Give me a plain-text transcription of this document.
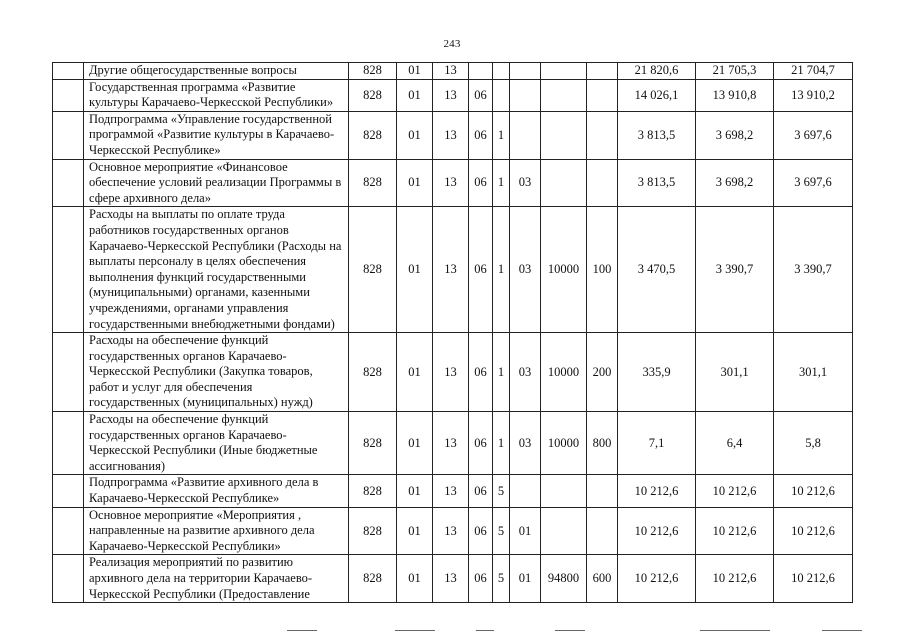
243
	Другие общегосударственные вопросы	828	01	13						21 820,6	21 705,3	21 704,7
	Государственная программа «Развитие культуры Карачаево-Черкесской Республики»	828	01	13	06					14 026,1	13 910,8	13 910,2
	Подпрограмма «Управление государственной программой «Развитие культуры в Карачаево-Черкесской Республике»	828	01	13	06	1				3 813,5	3 698,2	3 697,6
	Основное мероприятие «Финансовое обеспечение условий реализации Программы в сфере архивного дела»	828	01	13	06	1	03			3 813,5	3 698,2	3 697,6
	Расходы на выплаты по оплате труда работников государственных органов Карачаево-Черкесской Республики (Расходы на выплаты персоналу в целях обеспечения выполнения функций государственными (муниципальными) органами, казенными учреждениями, органами управления государственными внебюджетными фондами)	828	01	13	06	1	03	10000	100	3 470,5	3 390,7	3 390,7
	Расходы на обеспечение функций государственных органов Карачаево-Черкесской Республики (Закупка товаров, работ и услуг для обеспечения государственных (муниципальных) нужд)	828	01	13	06	1	03	10000	200	335,9	301,1	301,1
	Расходы на обеспечение функций государственных органов Карачаево-Черкесской Республики (Иные бюджетные ассигнования)	828	01	13	06	1	03	10000	800	7,1	6,4	5,8
	Подпрограмма «Развитие архивного дела в Карачаево-Черкесской Республике»	828	01	13	06	5				10 212,6	10 212,6	10 212,6
	Основное мероприятие «Мероприятия , направленные на развитие архивного дела Карачаево-Черкесской Республики»	828	01	13	06	5	01			10 212,6	10 212,6	10 212,6
	Реализация мероприятий по развитию архивного дела на территории Карачаево-Черкесской Республики (Предоставление	828	01	13	06	5	01	94800	600	10 212,6	10 212,6	10 212,6
